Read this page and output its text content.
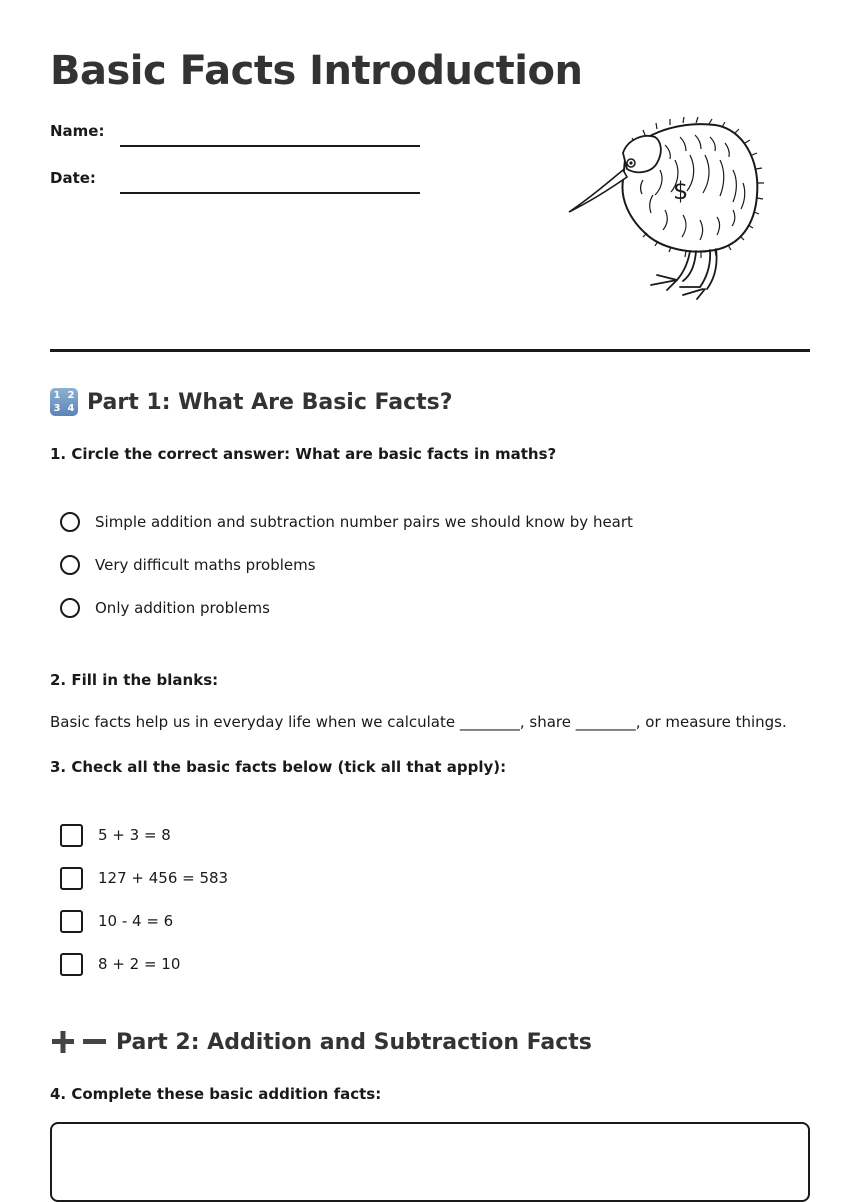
Basic Facts Introduction
Name:
Date:	$
1 2
3 4 Part 1: What Are Basic Facts?

1. Circle the correct answer: What are basic facts in maths?

Simple addition and subtraction number pairs we should know by heart
Very difficult maths problems
Only addition problems

2. Fill in the blanks:

Basic facts help us in everyday life when we calculate ________, share ________, or measure things.

3. Check all the basic facts below (tick all that apply):

5 + 3 = 8
127 + 456 = 583
10 - 4 = 6
8 + 2 = 10
Part 2: Addition and Subtraction Facts

4. Complete these basic addition facts:
